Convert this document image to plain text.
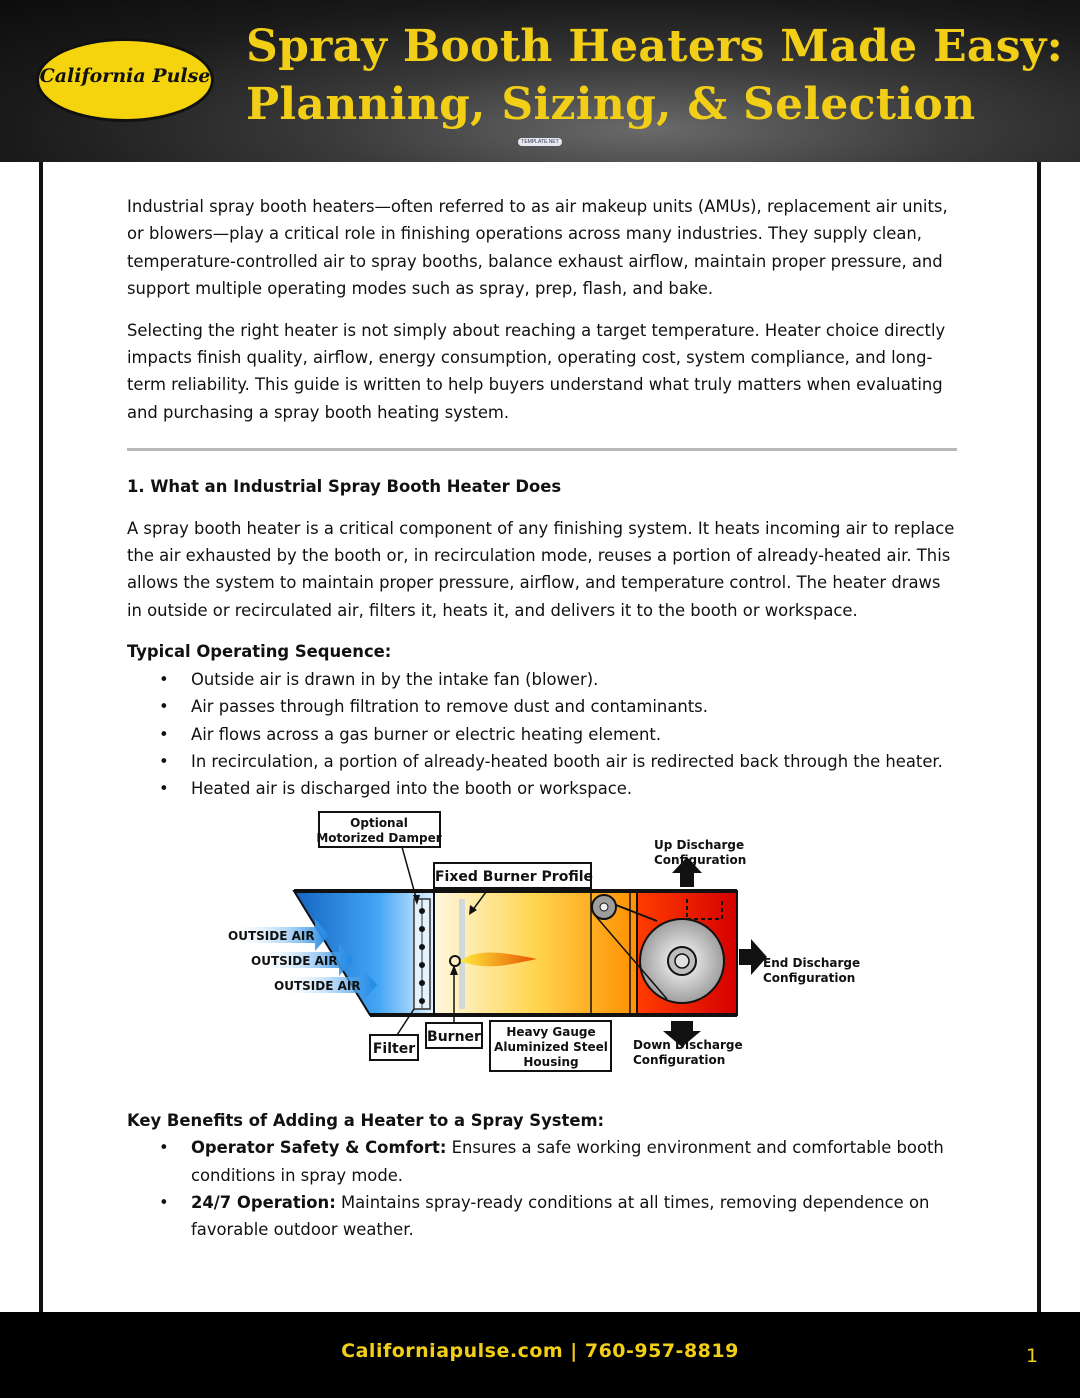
California Pulse
Spray Booth Heaters Made Easy:
Planning, Sizing, & Selection
TEMPLATE.NET

Industrial spray booth heaters—often referred to as air makeup units (AMUs), replacement air units, or blowers—play a critical role in finishing operations across many industries. They supply clean, temperature-controlled air to spray booths, balance exhaust airflow, maintain proper pressure, and support multiple operating modes such as spray, prep, flash, and bake.

Selecting the right heater is not simply about reaching a target temperature. Heater choice directly impacts finish quality, airflow, energy consumption, operating cost, system compliance, and long-term reliability. This guide is written to help buyers understand what truly matters when evaluating and purchasing a spray booth heating system.

1. What an Industrial Spray Booth Heater Does

A spray booth heater is a critical component of any finishing system. It heats incoming air to replace the air exhausted by the booth or, in recirculation mode, reuses a portion of already-heated air. This allows the system to maintain proper pressure, airflow, and temperature control. The heater draws in outside or recirculated air, filters it, heats it, and delivers it to the booth or workspace.

Typical Operating Sequence:
• Outside air is drawn in by the intake fan (blower).
• Air passes through filtration to remove dust and contaminants.
• Air flows across a gas burner or electric heating element.
• In recirculation, a portion of already-heated booth air is redirected back through the heater.
• Heated air is discharged into the booth or workspace.
OUTSIDE AIR
OUTSIDE AIR
OUTSIDE AIR
Optional
Motorized Damper
Fixed Burner Profile
Up Discharge
Configuration
End Discharge
Configuration
Filter
Burner Heavy Gauge
Aluminized Steel
Housing
Down Discharge
Configuration
Key Benefits of Adding a Heater to a Spray System:
• Operator Safety & Comfort: Ensures a safe working environment and comfortable booth conditions in spray mode.
• 24/7 Operation: Maintains spray-ready conditions at all times, removing dependence on favorable outdoor weather.
Californiapulse.com | 760-957-8819	1
